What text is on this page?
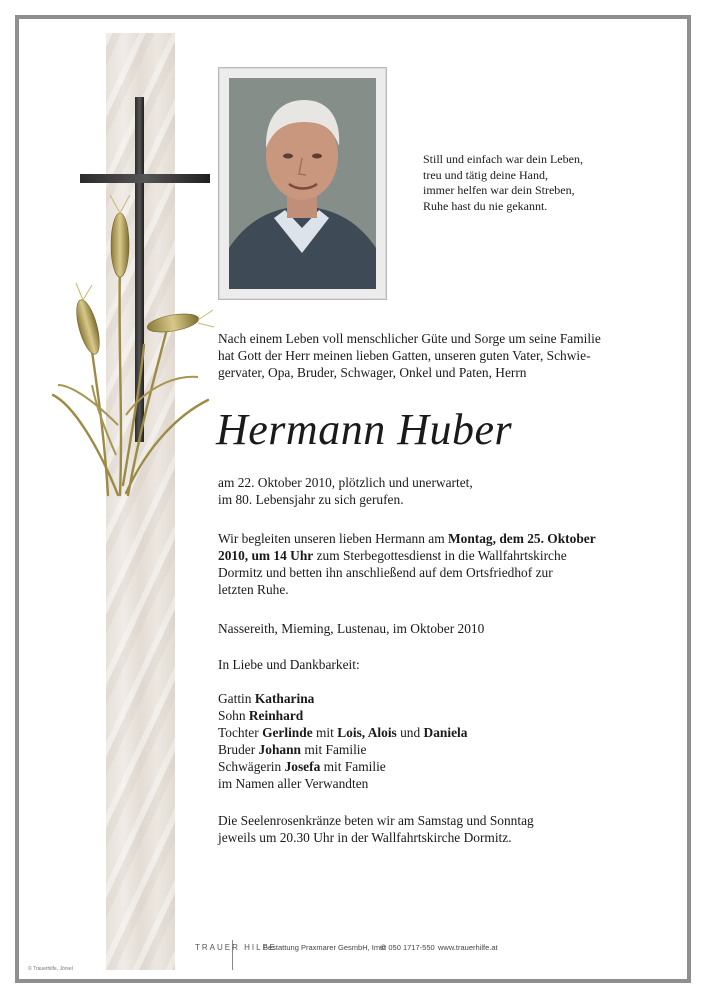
Still und einfach war dein Leben,
treu und tätig deine Hand,
immer helfen war dein Streben,
Ruhe hast du nie gekannt.
Nach einem Leben voll menschlicher Güte und Sorge um seine Familie
hat Gott der Herr meinen lieben Gatten, unseren guten Vater, Schwie-
gervater, Opa, Bruder, Schwager, Onkel und Paten, Herrn
Hermann Huber
am 22. Oktober 2010, plötzlich und unerwartet,
im 80. Lebensjahr zu sich gerufen.
Wir begleiten unseren lieben Hermann am Montag, dem 25. Oktober
2010, um 14 Uhr zum Sterbegottesdienst in die Wallfahrtskirche
Dormitz und betten ihn anschließend auf dem Ortsfriedhof zur
letzten Ruhe.
Nassereith, Mieming, Lustenau, im Oktober 2010
In Liebe und Dankbarkeit:
Gattin Katharina
Sohn Reinhard
Tochter Gerlinde mit Lois, Alois und Daniela
Bruder Johann mit Familie
Schwägerin Josefa mit Familie
im Namen aller Verwandten
Die Seelenrosenkränze beten wir am Samstag und Sonntag
jeweils um 20.30 Uhr in der Wallfahrtskirche Dormitz.
TRAUER HILFE
Bestattung Praxmarer GesmbH, Imst
✆ 050 1717-550 www.trauerhilfe.at
© Trauerhilfe, Jörsel
